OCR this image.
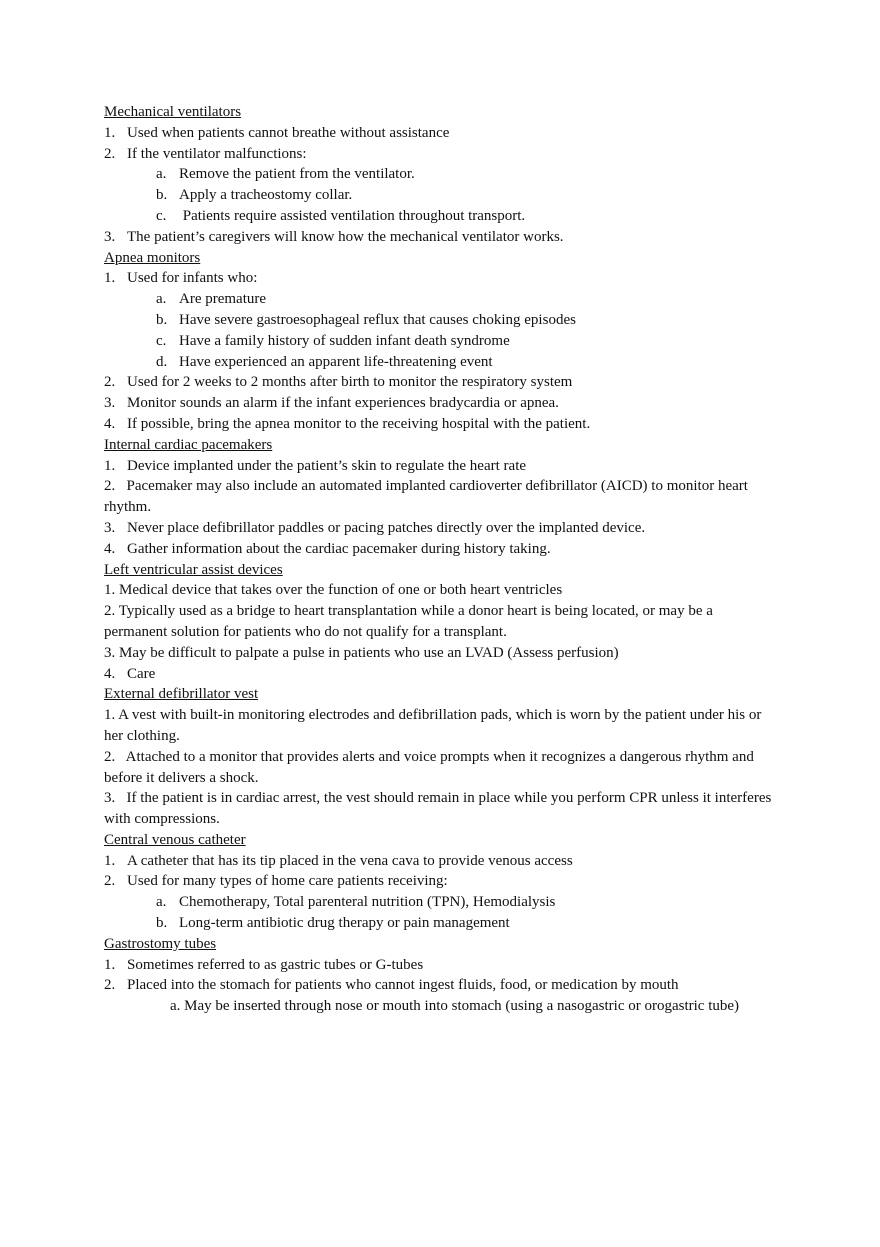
Mechanical ventilators
1. Used when patients cannot breathe without assistance
2. If the ventilator malfunctions:
a. Remove the patient from the ventilator.
b. Apply a tracheostomy collar.
c. Patients require assisted ventilation throughout transport.
3. The patient’s caregivers will know how the mechanical ventilator works.
Apnea monitors
1. Used for infants who:
a. Are premature
b. Have severe gastroesophageal reflux that causes choking episodes
c. Have a family history of sudden infant death syndrome
d. Have experienced an apparent life-threatening event
2. Used for 2 weeks to 2 months after birth to monitor the respiratory system
3. Monitor sounds an alarm if the infant experiences bradycardia or apnea.
4. If possible, bring the apnea monitor to the receiving hospital with the patient.
Internal cardiac pacemakers
1. Device implanted under the patient’s skin to regulate the heart rate
2.   Pacemaker may also include an automated implanted cardioverter defibrillator (AICD) to monitor heart rhythm.
3. Never place defibrillator paddles or pacing patches directly over the implanted device.
4. Gather information about the cardiac pacemaker during history taking.
Left ventricular assist devices
1. Medical device that takes over the function of one or both heart ventricles
2. Typically used as a bridge to heart transplantation while a donor heart is being located, or may be a permanent solution for patients who do not qualify for a transplant.
3. May be difficult to palpate a pulse in patients who use an LVAD (Assess perfusion)
4. Care
External defibrillator vest
1. A vest with built-in monitoring electrodes and defibrillation pads, which is worn by the patient under his or her clothing.
2.   Attached to a monitor that provides alerts and voice prompts when it recognizes a dangerous rhythm and before it delivers a shock.
3.   If the patient is in cardiac arrest, the vest should remain in place while you perform CPR unless it interferes with compressions.
Central venous catheter
1. A catheter that has its tip placed in the vena cava to provide venous access
2. Used for many types of home care patients receiving:
a. Chemotherapy, Total parenteral nutrition (TPN), Hemodialysis
b. Long-term antibiotic drug therapy or pain management
Gastrostomy tubes
1. Sometimes referred to as gastric tubes or G-tubes
2. Placed into the stomach for patients who cannot ingest fluids, food, or medication by mouth
a. May be inserted through nose or mouth into stomach (using a nasogastric or orogastric tube)
